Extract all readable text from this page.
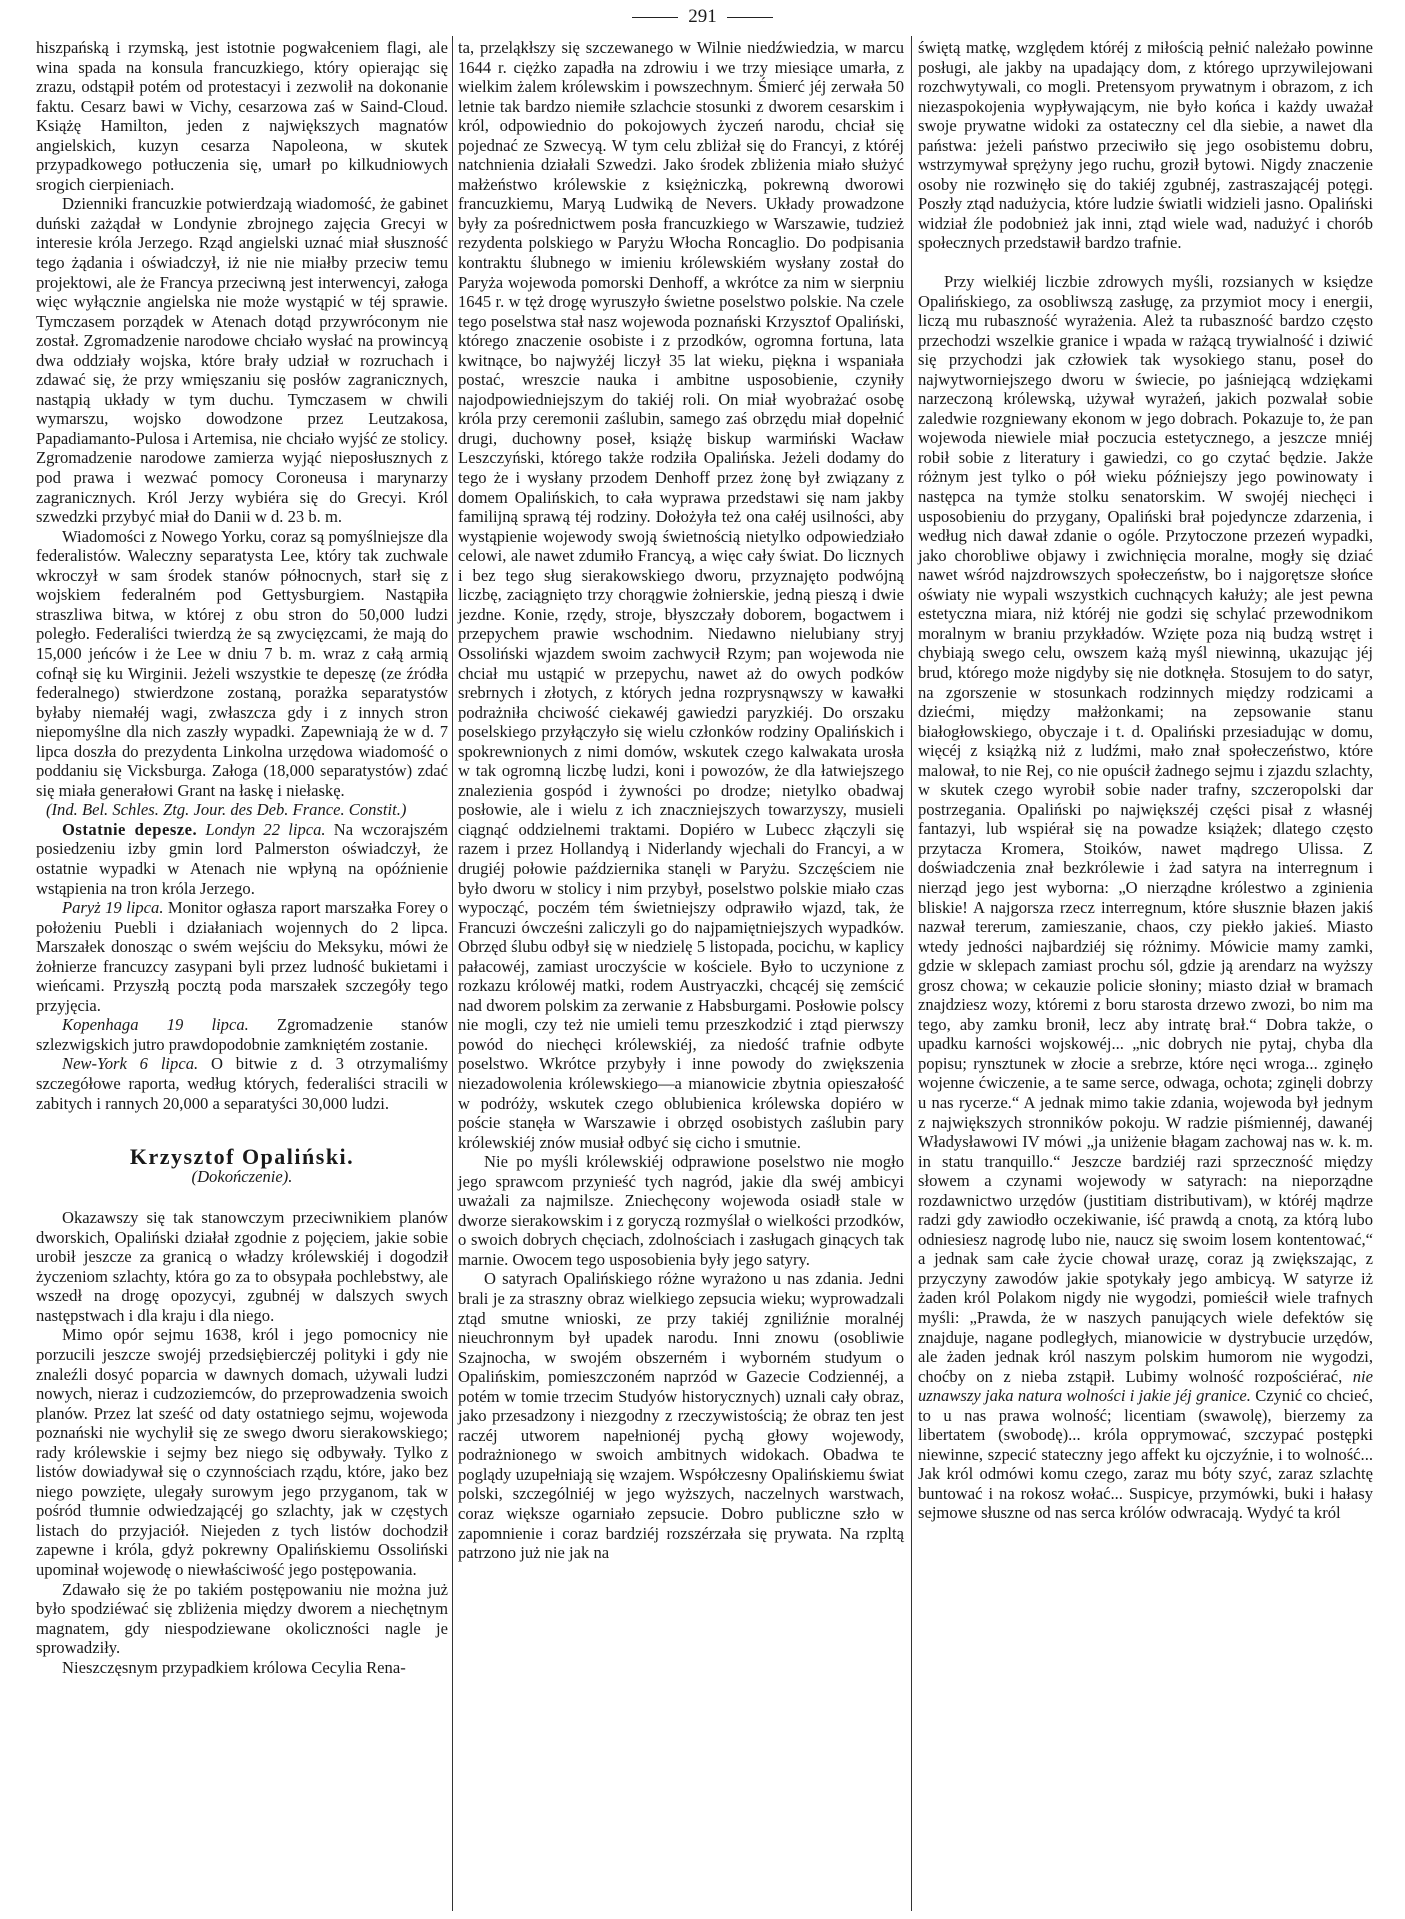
291

hiszpańską i rzymską, jest istotnie pogwałceniem flagi, ale wina spada na konsula francuzkiego, który opierając się zrazu, odstąpił potém od protestacyi i zezwolił na dokonanie faktu. Cesarz bawi w Vichy, cesarzowa zaś w Saind-Cloud. Książę Hamilton, jeden z największych magnatów angielskich, kuzyn cesarza Napoleona, w skutek przypadkowego potłuczenia się, umarł po kilkudniowych srogich cierpieniach.

Dzienniki francuzkie potwierdzają wiadomość, że gabinet duński zażądał w Londynie zbrojnego zajęcia Grecyi w interesie króla Jerzego. Rząd angielski uznać miał słuszność tego żądania i oświadczył, iż nie nie miałby przeciw temu projektowi, ale że Francya przeciwną jest interwencyi, załoga więc wyłącznie angielska nie może wystąpić w téj sprawie. Tymczasem porządek w Atenach dotąd przywróconym nie został. Zgromadzenie narodowe chciało wysłać na prowincyą dwa oddziały wojska, które brały udział w rozruchach i zdawać się, że przy wmięszaniu się posłów zagranicznych, nastąpią układy w tym duchu. Tymczasem w chwili wymarszu, wojsko dowodzone przez Leutzakosa, Papadiamanto-Pulosa i Artemisa, nie chciało wyjść ze stolicy. Zgromadzenie narodowe zamierza wyjąć nieposłusznych z pod prawa i wezwać pomocy Coroneusa i marynarzy zagranicznych. Król Jerzy wybiéra się do Grecyi. Król szwedzki przybyć miał do Danii w d. 23 b. m.

Wiadomości z Nowego Yorku, coraz są pomyślniejsze dla federalistów. Waleczny separatysta Lee, który tak zuchwale wkroczył w sam środek stanów północnych, starł się z wojskiem federalném pod Gettysburgiem. Nastąpiła straszliwa bitwa, w której z obu stron do 50,000 ludzi poległo. Federaliści twierdzą że są zwycięzcami, że mają do 15,000 jeńców i że Lee w dniu 7 b. m. wraz z całą armią cofnął się ku Wirginii. Jeżeli wszystkie te depeszę (ze źródła federalnego) stwierdzone zostaną, porażka separatystów byłaby niemałéj wagi, zwłaszcza gdy i z innych stron niepomyślne dla nich zaszły wypadki. Zapewniają że w d. 7 lipca doszła do prezydenta Linkolna urzędowa wiadomość o poddaniu się Vicksburga. Załoga (18,000 separatystów) zdać się miała generałowi Grant na łaskę i niełaskę.

(Ind. Bel. Schles. Ztg. Jour. des Deb. France. Constit.)

Ostatnie depesze. Londyn 22 lipca. Na wczorajszém posiedzeniu izby gmin lord Palmerston oświadczył, że ostatnie wypadki w Atenach nie wpłyną na opóźnienie wstąpienia na tron króla Jerzego.

Paryż 19 lipca. Monitor ogłasza raport marszałka Forey o położeniu Puebli i działaniach wojennych do 2 lipca. Marszałek donosząc o swém wejściu do Meksyku, mówi że żołnierze francuzcy zasypani byli przez ludność bukietami i wieńcami. Przyszłą pocztą poda marszałek szczegóły tego przyjęcia.

Kopenhaga 19 lipca. Zgromadzenie stanów szlezwigskich jutro prawdopodobnie zamkniętém zostanie.

New-York 6 lipca. O bitwie z d. 3 otrzymaliśmy szczegółowe raporta, według których, federaliści stracili w zabitych i rannych 20,000 a separatyści 30,000 ludzi.

Krzysztof Opaliński.

(Dokończenie).

Okazawszy się tak stanowczym przeciwnikiem planów dworskich, Opaliński działał zgodnie z pojęciem, jakie sobie urobił jeszcze za granicą o władzy królewskiéj i dogodził życzeniom szlachty, która go za to obsypała pochlebstwy, ale wszedł na drogę opozycyi, zgubnéj w dalszych swych następstwach i dla kraju i dla niego.

Mimo opór sejmu 1638, król i jego pomocnicy nie porzucili jeszcze swojéj przedsiębierczéj polityki i gdy nie znaleźli dosyć poparcia w dawnych domach, używali ludzi nowych, nieraz i cudzoziemców, do przeprowadzenia swoich planów. Przez lat sześć od daty ostatniego sejmu, wojewoda poznański nie wychylił się ze swego dworu sierakowskiego; rady królewskie i sejmy bez niego się odbywały. Tylko z listów dowiadywał się o czynnościach rządu, które, jako bez niego powzięte, ulegały surowym jego przyganom, tak w pośród tłumnie odwiedzającéj go szlachty, jak w częstych listach do przyjaciół. Niejeden z tych listów dochodził zapewne i króla, gdyż pokrewny Opalińskiemu Ossoliński upominał wojewodę o niewłaściwość jego postępowania.

Zdawało się że po takiém postępowaniu nie można już było spodziéwać się zbliżenia między dworem a niechętnym magnatem, gdy niespodziewane okoliczności nagle je sprowadziły.

Nieszczęsnym przypadkiem królowa Cecylia Rena-

ta, przeląkłszy się szczewanego w Wilnie niedźwiedzia, w marcu 1644 r. ciężko zapadła na zdrowiu i we trzy miesiące umarła, z wielkim żalem królewskim i powszechnym. Śmierć jéj zerwała 50 letnie tak bardzo niemiłe szlachcie stosunki z dworem cesarskim i król, odpowiednio do pokojowych życzeń narodu, chciał się pojednać ze Szwecyą. W tym celu zbliżał się do Francyi, z któréj natchnienia działali Szwedzi. Jako środek zbliżenia miało służyć małżeństwo królewskie z księżniczką, pokrewną dworowi francuzkiemu, Maryą Ludwiką de Nevers. Układy prowadzone były za pośrednictwem posła francuzkiego w Warszawie, tudzież rezydenta polskiego w Paryżu Włocha Roncaglio. Do podpisania kontraktu ślubnego w imieniu królewskiém wysłany został do Paryża wojewoda pomorski Denhoff, a wkrótce za nim w sierpniu 1645 r. w tęż drogę wyruszyło świetne poselstwo polskie. Na czele tego poselstwa stał nasz wojewoda poznański Krzysztof Opaliński, którego znaczenie osobiste i z przodków, ogromna fortuna, lata kwitnące, bo najwyżéj liczył 35 lat wieku, piękna i wspaniała postać, wreszcie nauka i ambitne usposobienie, czyniły najodpowiedniejszym do takiéj roli. On miał wyobrażać osobę króla przy ceremonii zaślubin, samego zaś obrzędu miał dopełnić drugi, duchowny poseł, książę biskup warmiński Wacław Leszczyński, którego także rodziła Opalińska. Jeżeli dodamy do tego że i wysłany przodem Denhoff przez żonę był związany z domem Opalińskich, to cała wyprawa przedstawi się nam jakby familijną sprawą téj rodziny. Dołożyła też ona całéj usilności, aby wystąpienie wojewody swoją świetnością nietylko odpowiedziało celowi, ale nawet zdumiło Francyą, a więc cały świat. Do licznych i bez tego sług sierakowskiego dworu, przyznajęto podwójną liczbę, zaciągnięto trzy chorągwie żołnierskie, jedną pieszą i dwie jezdne. Konie, rzędy, stroje, błyszczały doborem, bogactwem i przepychem prawie wschodnim. Niedawno nielubiany stryj Ossoliński wjazdem swoim zachwycił Rzym; pan wojewoda nie chciał mu ustąpić w przepychu, nawet aż do owych podków srebrnych i złotych, z których jedna rozprysnąwszy w kawałki podrażniła chciwość ciekawéj gawiedzi paryzkiéj. Do orszaku poselskiego przyłączyło się wielu członków rodziny Opalińskich i spokrewnionych z nimi domów, wskutek czego kalwakata urosła w tak ogromną liczbę ludzi, koni i powozów, że dla łatwiejszego znalezienia gospód i żywności po drodze; nietylko obadwaj posłowie, ale i wielu z ich znaczniejszych towarzyszy, musieli ciągnąć oddzielnemi traktami. Dopiéro w Lubecc złączyli się razem i przez Hollandyą i Niderlandy wjechali do Francyi, a w drugiéj połowie października stanęli w Paryżu. Szczęściem nie było dworu w stolicy i nim przybył, poselstwo polskie miało czas wypocząć, poczém tém świetniejszy odprawiło wjazd, tak, że Francuzi ówcześni zaliczyli go do najpamiętniejszych wypadków. Obrzęd ślubu odbył się w niedzielę 5 listopada, pocichu, w kaplicy pałacowéj, zamiast uroczyście w kościele. Było to uczynione z rozkazu królowéj matki, rodem Austryaczki, chcącéj się zemścić nad dworem polskim za zerwanie z Habsburgami. Posłowie polscy nie mogli, czy też nie umieli temu przeszkodzić i ztąd pierwszy powód do niechęci królewskiéj, za niedość trafnie odbyte poselstwo. Wkrótce przybyły i inne powody do zwiększenia niezadowolenia królewskiego—a mianowicie zbytnia opieszałość w podróży, wskutek czego oblubienica królewska dopiéro w poście stanęła w Warszawie i obrzęd osobistych zaślubin pary królewskiéj znów musiał odbyć się cicho i smutnie.

Nie po myśli królewskiéj odprawione poselstwo nie mogło jego sprawcom przynieść tych nagród, jakie dla swéj ambicyi uważali za najmilsze. Zniechęcony wojewoda osiadł stale w dworze sierakowskim i z goryczą rozmyślał o wielkości przodków, o swoich dobrych chęciach, zdolnościach i zasługach ginących tak marnie. Owocem tego usposobienia były jego satyry.

O satyrach Opalińskiego różne wyrażono u nas zdania. Jedni brali je za straszny obraz wielkiego zepsucia wieku; wyprowadzali ztąd smutne wnioski, ze przy takiéj zgniliźnie moralnéj nieuchronnym był upadek narodu. Inni znowu (osobliwie Szajnocha, w swojém obszerném i wyborném studyum o Opalińskim, pomieszczoném naprzód w Gazecie Codziennéj, a potém w tomie trzecim Studyów historycznych) uznali cały obraz, jako przesadzony i niezgodny z rzeczywistością; że obraz ten jest raczéj utworem napełnionéj pychą głowy wojewody, podrażnionego w swoich ambitnych widokach. Obadwa te poglądy uzupełniają się wzajem. Współczesny Opalińskiemu świat polski, szczególniéj w jego wyższych, naczelnych warstwach, coraz większe ogarniało zepsucie. Dobro publiczne szło w zapomnienie i coraz bardziéj rozszérzała się prywata. Na rzpltą patrzono już nie jak na

świętą matkę, względem któréj z miłością pełnić należało powinne posługi, ale jakby na upadający dom, z którego uprzywilejowani rozchwytywali, co mogli. Pretensyom prywatnym i obrazom, z ich niezaspokojenia wypływającym, nie było końca i każdy uważał swoje prywatne widoki za ostateczny cel dla siebie, a nawet dla państwa: jeżeli państwo przeciwiło się jego osobistemu dobru, wstrzymywał sprężyny jego ruchu, groził bytowi. Nigdy znaczenie osoby nie rozwinęło się do takiéj zgubnéj, zastraszającéj potęgi. Poszły ztąd nadużycia, które ludzie światli widzieli jasno. Opaliński widział źle podobnież jak inni, ztąd wiele wad, nadużyć i chorób społecznych przedstawił bardzo trafnie.

Przy wielkiéj liczbie zdrowych myśli, rozsianych w księdze Opalińskiego, za osobliwszą zasługę, za przymiot mocy i energii, liczą mu rubaszność wyrażenia. Ależ ta rubaszność bardzo często przechodzi wszelkie granice i wpada w rażącą trywialność i dziwić się przychodzi jak człowiek tak wysokiego stanu, poseł do najwytworniejszego dworu w świecie, po jaśniejącą wdziękami narzeczoną królewską, używał wyrażeń, jakich pozwalał sobie zaledwie rozgniewany ekonom w jego dobrach. Pokazuje to, że pan wojewoda niewiele miał poczucia estetycznego, a jeszcze mniéj robił sobie z literatury i gawiedzi, co go czytać będzie. Jakże różnym jest tylko o pół wieku późniejszy jego powinowaty i następca na tymże stolku senatorskim. W swojéj niechęci i usposobieniu do przygany, Opaliński brał pojedyncze zdarzenia, i według nich dawał zdanie o ogóle. Przytoczone przezeń wypadki, jako chorobliwe objawy i zwichnięcia moralne, mogły się dziać nawet wśród najzdrowszych społeczeństw, bo i najgorętsze słońce oświaty nie wypali wszystkich cuchnących kałuży; ale jest pewna estetyczna miara, niż któréj nie godzi się schylać przewodnikom moralnym w braniu przykładów. Wzięte poza nią budzą wstręt i chybiają swego celu, owszem każą myśl niewinną, ukazując jéj brud, którego może nigdyby się nie dotknęła. Stosujem to do satyr, na zgorszenie w stosunkach rodzinnych między rodzicami a dziećmi, między małżonkami; na zepsowanie stanu białogłowskiego, obyczaje i t. d. Opaliński przesiadując w domu, więcéj z książką niż z ludźmi, mało znał społeczeństwo, które malował, to nie Rej, co nie opuścił żadnego sejmu i zjazdu szlachty, w skutek czego wyrobił sobie nader trafny, szczeropolski dar postrzegania. Opaliński po największéj części pisał z własnéj fantazyi, lub wspiérał się na powadze książek; dlatego często przytacza Kromera, Stoików, nawet mądrego Ulissa. Z doświadczenia znał bezkrólewie i żad satyra na interregnum i nierząd jego jest wyborna: „O nierządne królestwo a zginienia bliskie! A najgorsza rzecz interregnum, które słusznie błazen jakiś nazwał tererum, zamieszanie, chaos, czy piekło jakieś. Miasto wtedy jedności najbardziéj się różnimy. Mówicie mamy zamki, gdzie w sklepach zamiast prochu sól, gdzie ją arendarz na wyższy grosz chowa; w cekauzie policie słoniny; miasto dział w bramach znajdziesz wozy, któremi z boru starosta drzewo zwozi, bo nim ma tego, aby zamku bronił, lecz aby intratę brał.“ Dobra także, o upadku karności wojskowéj... „nic dobrych nie pytaj, chyba dla popisu; rynsztunek w złocie a srebrze, które nęci wroga... zginęło wojenne ćwiczenie, a te same serce, odwaga, ochota; zginęli dobrzy u nas rycerze.“ A jednak mimo takie zdania, wojewoda był jednym z największych stronników pokoju. W radzie piśmiennéj, dawanéj Władysławowi IV mówi „ja uniżenie błagam zachowaj nas w. k. m. in statu tranquillo.“ Jeszcze bardziéj razi sprzeczność między słowem a czynami wojewody w satyrach: na nieporządne rozdawnictwo urzędów (justitiam distributivam), w któréj mądrze radzi gdy zawiodło oczekiwanie, iść prawdą a cnotą, za którą lubo odniesiesz nagrodę lubo nie, naucz się swoim losem kontentować,“ a jednak sam całe życie chował urazę, coraz ją zwiększając, z przyczyny zawodów jakie spotykały jego ambicyą. W satyrze iż żaden król Polakom nigdy nie wygodzi, pomieścił wiele trafnych myśli: „Prawda, że w naszych panujących wiele defektów się znajduje, nagane podległych, mianowicie w dystrybucie urzędów, ale żaden jednak król naszym polskim humorom nie wygodzi, choćby on z nieba zstąpił. Lubimy wolność rozpościérać, nie uznawszy jaka natura wolności i jakie jéj granice. Czynić co chcieć, to u nas prawa wolność; licentiam (swawolę), bierzemy za libertatem (swobodę)... króla opprymować, szczypać postępki niewinne, szpecić stateczny jego affekt ku ojczyźnie, i to wolność... Jak król odmówi komu czego, zaraz mu bóty szyć, zaraz szlachtę buntować i na rokosz wołać... Suspicye, przymówki, buki i hałasy sejmowe słuszne od nas serca królów odwracają. Wydyć ta król
